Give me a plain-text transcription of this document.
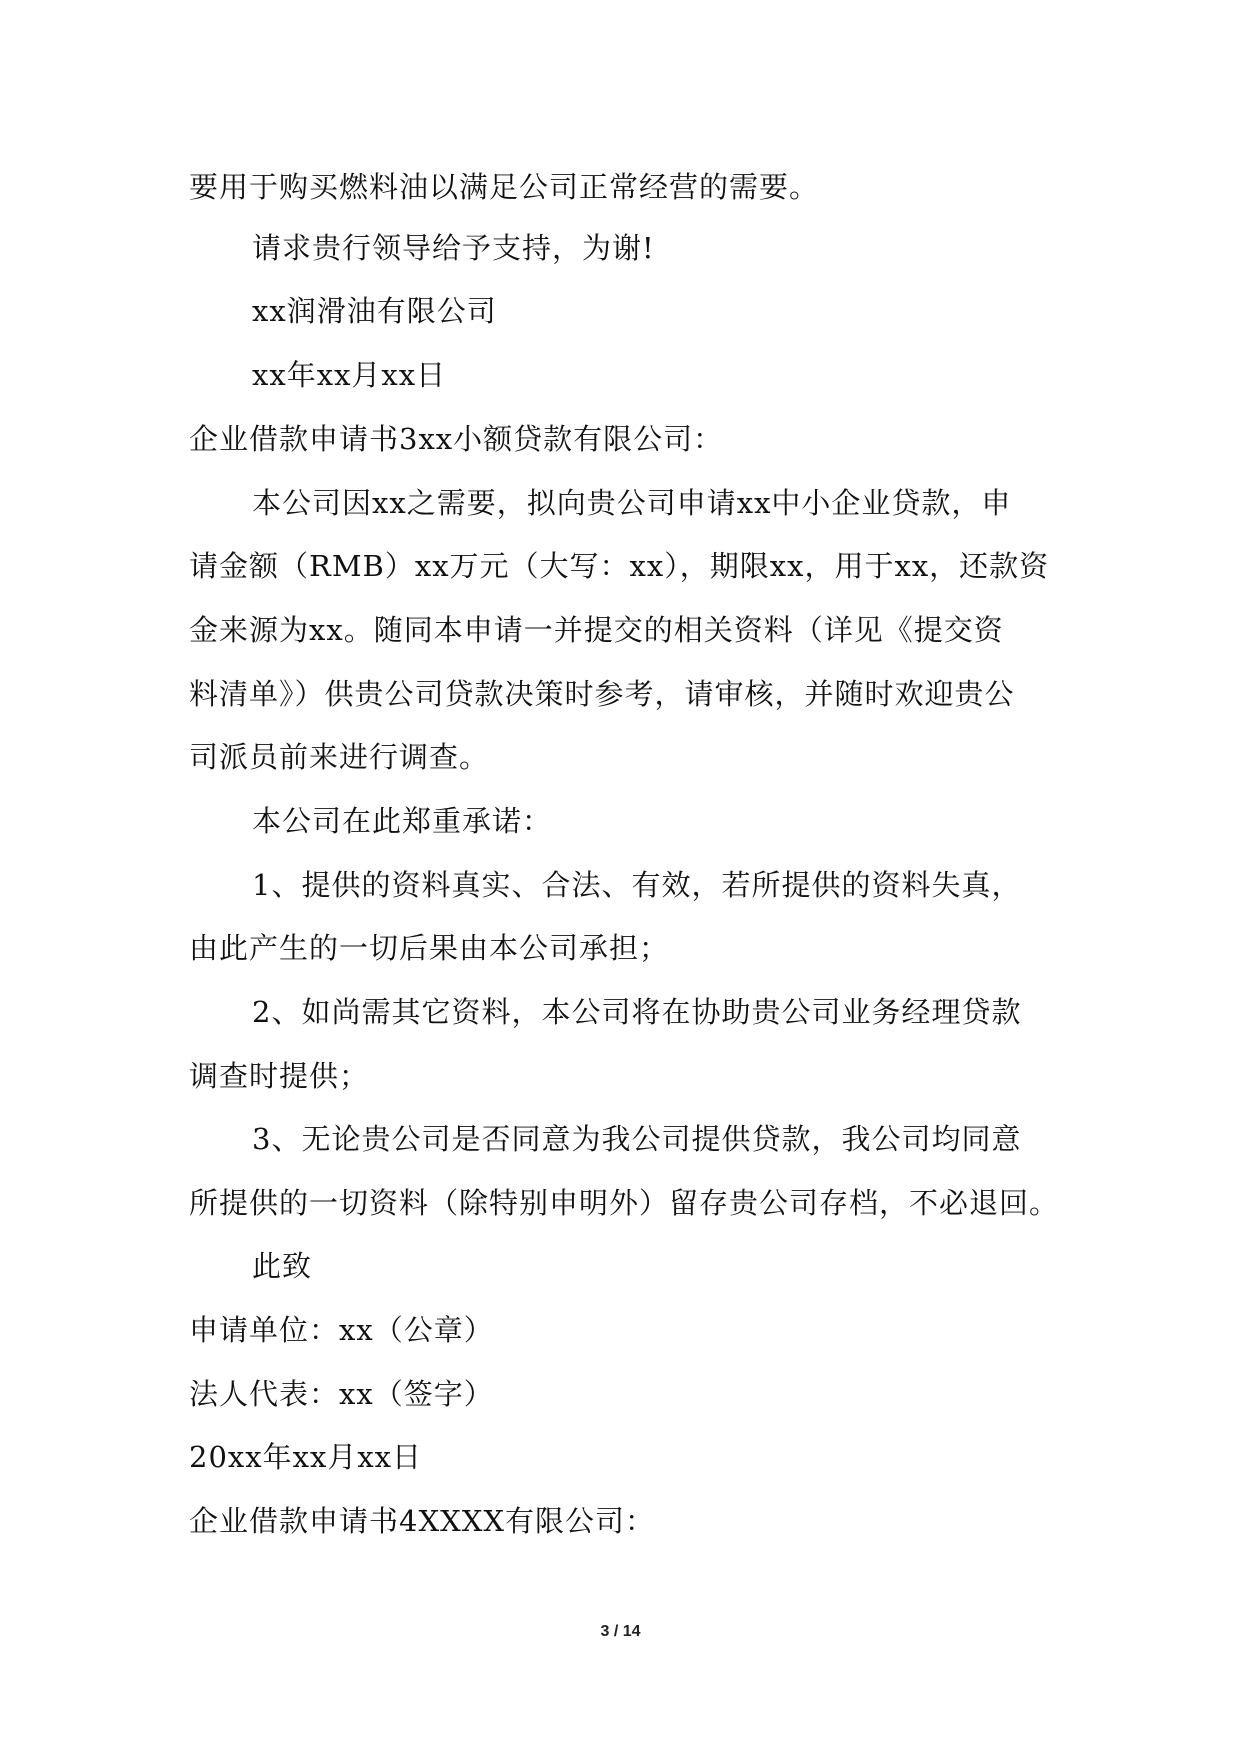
要用于购买燃料油以满足公司正常经营的需要。
请求贵行领导给予支持，为谢!
xx润滑油有限公司
xx年xx月xx日
企业借款申请书3xx小额贷款有限公司：
本公司因xx之需要，拟向贵公司申请xx中小企业贷款，申
请金额（RMB）xx万元（大写：xx），期限xx，用于xx，还款资
金来源为xx。随同本申请一并提交的相关资料（详见《提交资
料清单》）供贵公司贷款决策时参考，请审核，并随时欢迎贵公
司派员前来进行调查。
本公司在此郑重承诺：
1、提供的资料真实、合法、有效，若所提供的资料失真，
由此产生的一切后果由本公司承担；
2、如尚需其它资料，本公司将在协助贵公司业务经理贷款
调查时提供；
3、无论贵公司是否同意为我公司提供贷款，我公司均同意
所提供的一切资料（除特别申明外）留存贵公司存档，不必退回。
此致
申请单位：xx（公章）
法人代表：xx（签字）
20xx年xx月xx日
企业借款申请书4XXXX有限公司：
3 / 14
